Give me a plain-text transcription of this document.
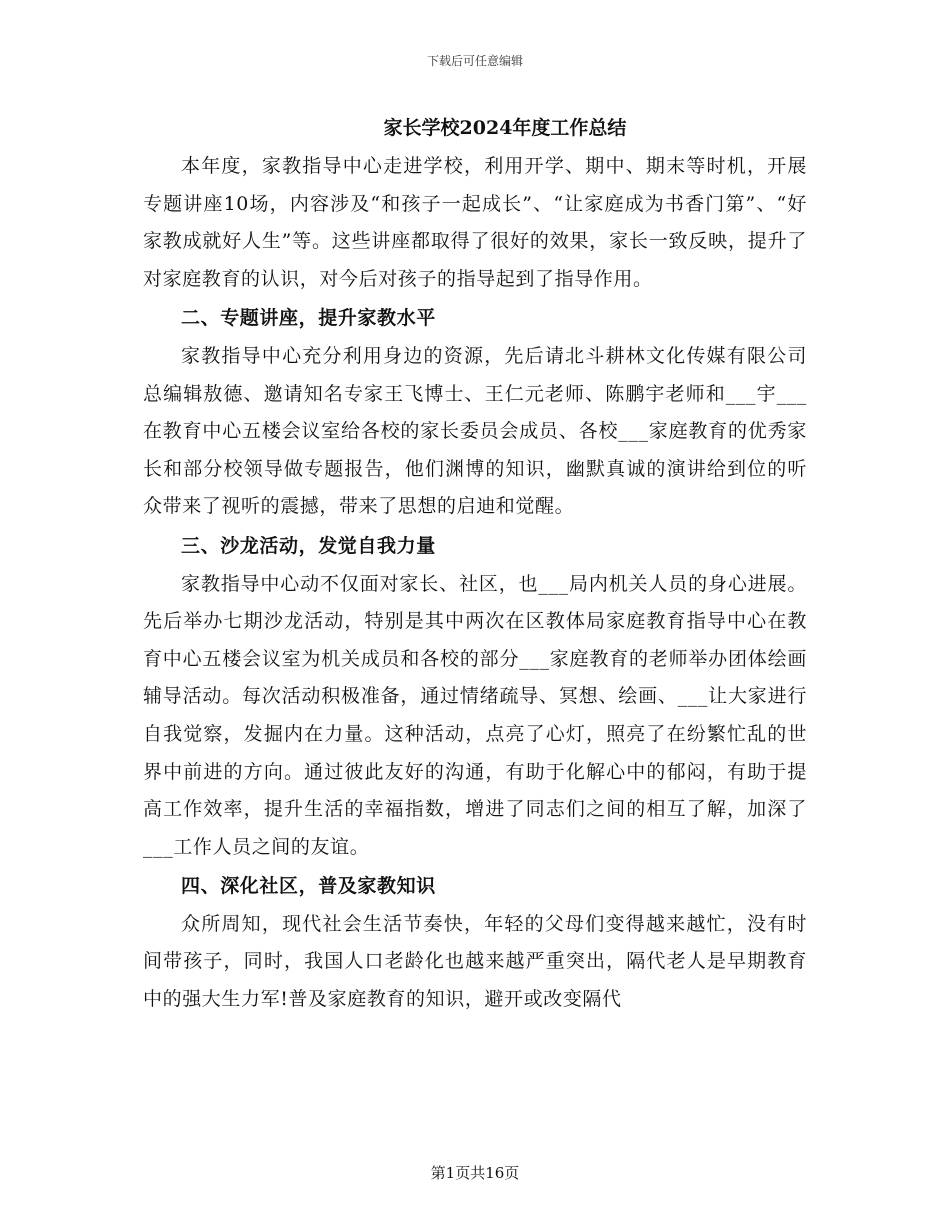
下载后可任意编辑
家长学校2024年度工作总结

本年度，家教指导中心走进学校，利用开学、期中、期末等时机，开展专题讲座10场，内容涉及“和孩子一起成长”、“让家庭成为书香门第”、“好家教成就好人生”等。这些讲座都取得了很好的效果，家长一致反映，提升了对家庭教育的认识，对今后对孩子的指导起到了指导作用。

二、专题讲座，提升家教水平

家教指导中心充分利用身边的资源，先后请北斗耕林文化传媒有限公司总编辑敖德、邀请知名专家王飞博士、王仁元老师、陈鹏宇老师和___宇___在教育中心五楼会议室给各校的家长委员会成员、各校___家庭教育的优秀家长和部分校领导做专题报告，他们渊博的知识，幽默真诚的演讲给到位的听众带来了视听的震撼，带来了思想的启迪和觉醒。

三、沙龙活动，发觉自我力量

家教指导中心动不仅面对家长、社区，也___局内机关人员的身心进展。先后举办七期沙龙活动，特别是其中两次在区教体局家庭教育指导中心在教育中心五楼会议室为机关成员和各校的部分___家庭教育的老师举办团体绘画辅导活动。每次活动积极准备，通过情绪疏导、冥想、绘画、___让大家进行自我觉察，发掘内在力量。这种活动，点亮了心灯，照亮了在纷繁忙乱的世界中前进的方向。通过彼此友好的沟通，有助于化解心中的郁闷，有助于提高工作效率，提升生活的幸福指数，增进了同志们之间的相互了解，加深了___工作人员之间的友谊。

四、深化社区，普及家教知识

众所周知，现代社会生活节奏快，年轻的父母们变得越来越忙，没有时间带孩子，同时，我国人口老龄化也越来越严重突出，隔代老人是早期教育中的强大生力军!普及家庭教育的知识，避开或改变隔代

第1页共16页
